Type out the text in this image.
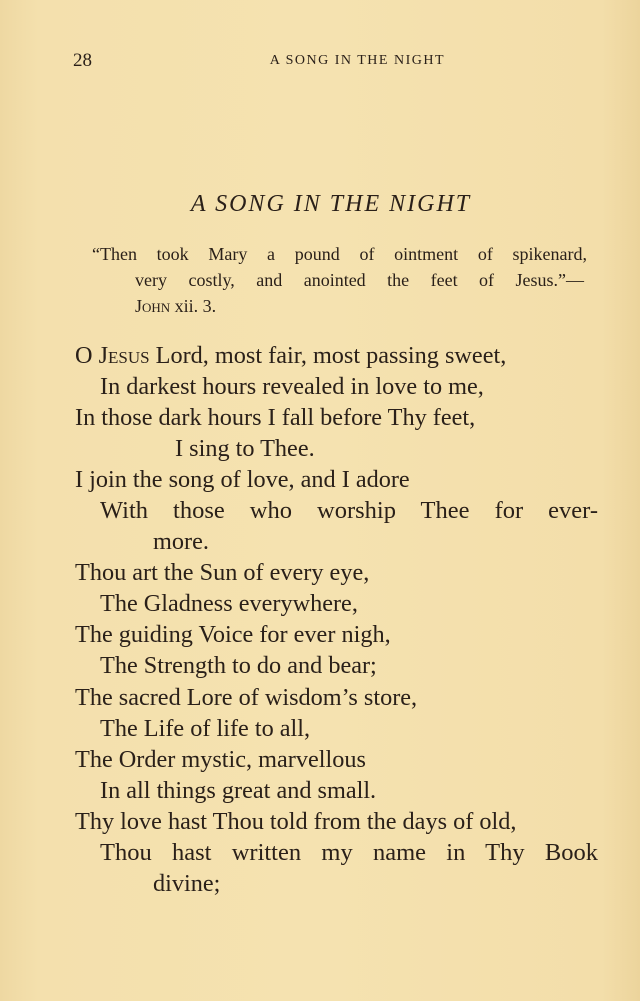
28	A SONG IN THE NIGHT
A SONG IN THE NIGHT
“Then took Mary a pound of ointment of spikenard,
very costly, and anointed the feet of Jesus.”—
John xii. 3.
O Jesus Lord, most fair, most passing sweet,
In darkest hours revealed in love to me,
In those dark hours I fall before Thy feet,
I sing to Thee.
I join the song of love, and I adore
With those who worship Thee for ever-
more.
Thou art the Sun of every eye,
The Gladness everywhere,
The guiding Voice for ever nigh,
The Strength to do and bear;
The sacred Lore of wisdom’s store,
The Life of life to all,
The Order mystic, marvellous
In all things great and small.
Thy love hast Thou told from the days of old,
Thou hast written my name in Thy Book
divine;
